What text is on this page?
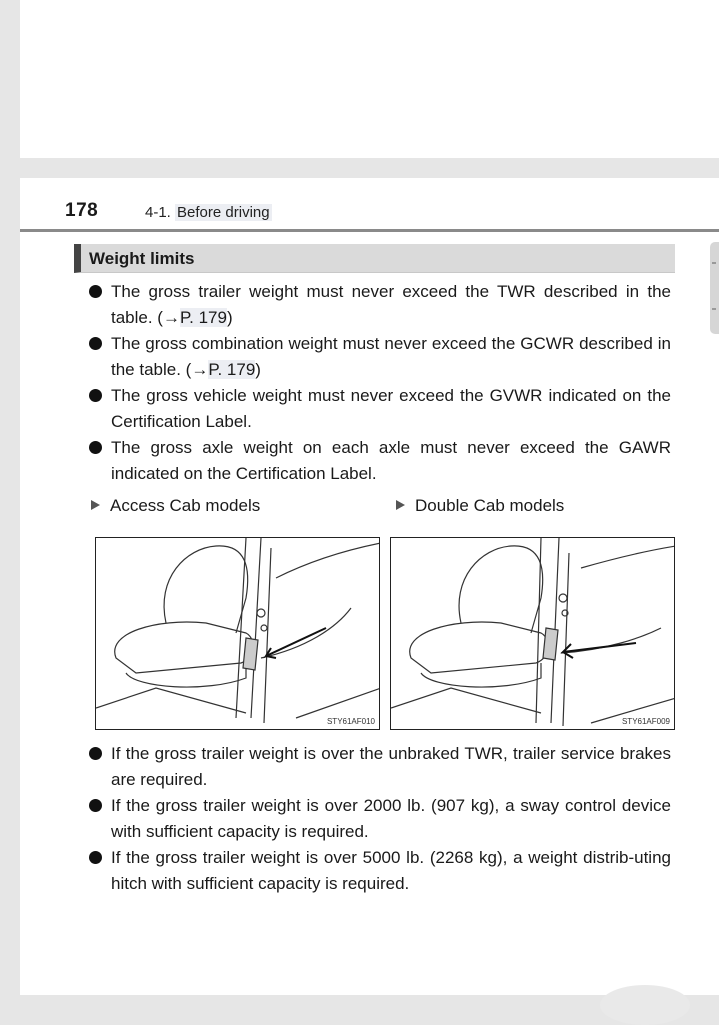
178	4-1. Before driving
Weight limits
The gross trailer weight must never exceed the TWR described in the table. (→P. 179)
The gross combination weight must never exceed the GCWR described in the table. (→P. 179)
The gross vehicle weight must never exceed the GVWR indicated on the Certification Label.
The gross axle weight on each axle must never exceed the GAWR indicated on the Certification Label.
Access Cab models	Double Cab models
STY61AF010	STY61AF009
If the gross trailer weight is over the unbraked TWR, trailer service brakes are required.
If the gross trailer weight is over 2000 lb. (907 kg), a sway control device with sufficient capacity is required.
If the gross trailer weight is over 5000 lb. (2268 kg), a weight distrib-uting hitch with sufficient capacity is required.
